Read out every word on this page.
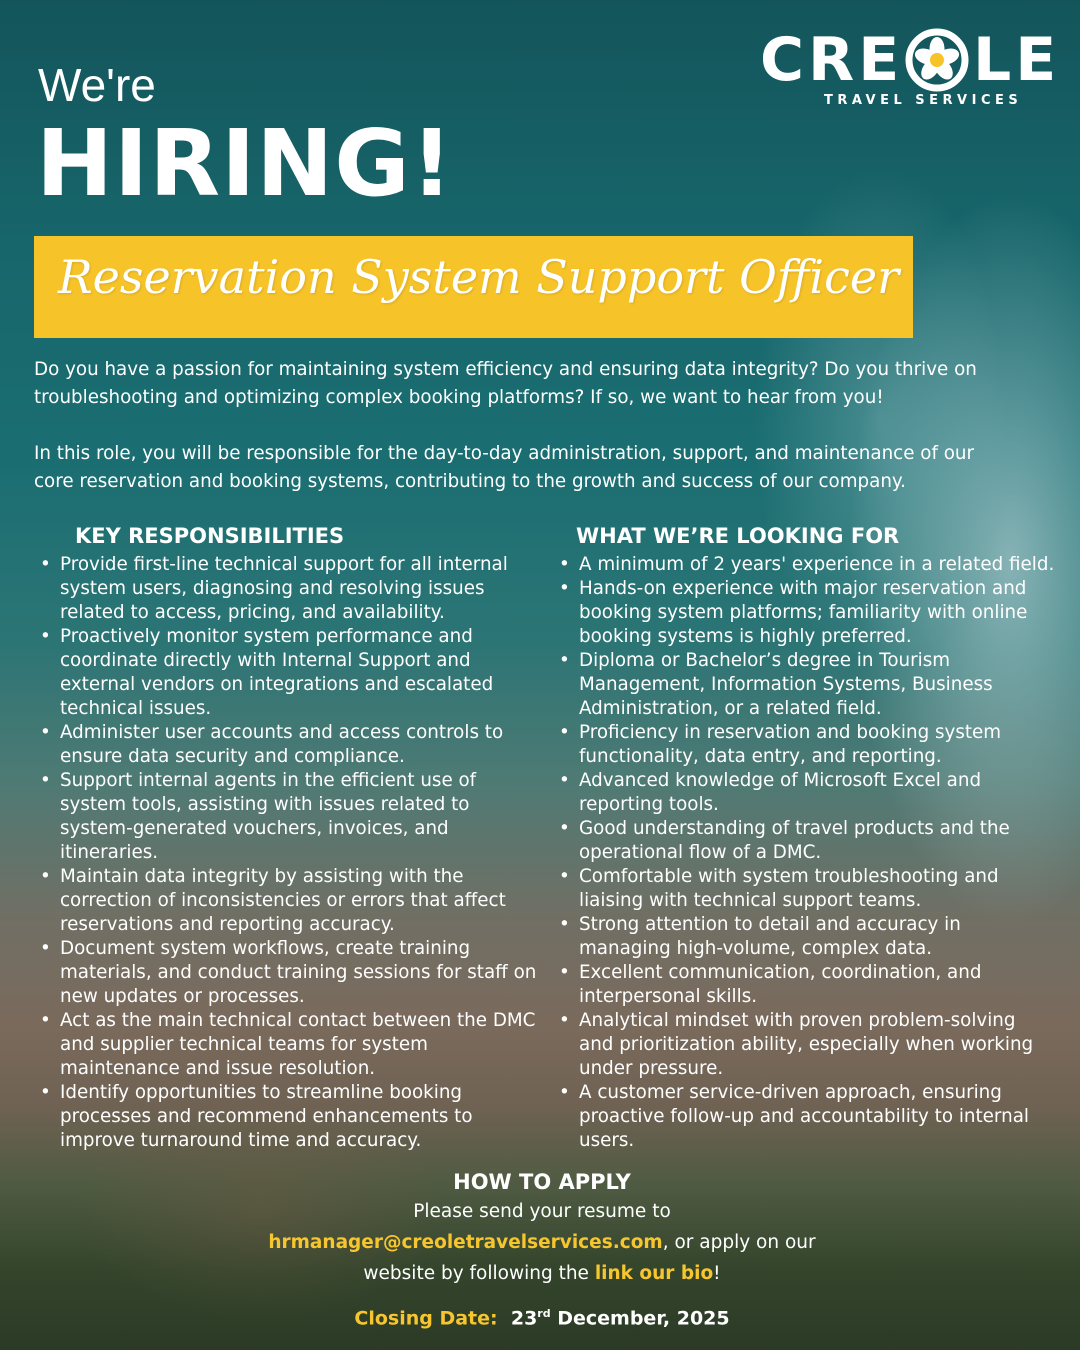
CRE LE
TRAVEL SERVICES
We're
HIRING!
Reservation System Support Officer
Do you have a passion for maintaining system efficiency and ensuring data integrity? Do you thrive on
troubleshooting and optimizing complex booking platforms? If so, we want to hear from you!
In this role, you will be responsible for the day-to-day administration, support, and maintenance of our
core reservation and booking systems, contributing to the growth and success of our company.
KEY RESPONSIBILITIES
• Provide first-line technical support for all internal
system users, diagnosing and resolving issues
related to access, pricing, and availability.
• Proactively monitor system performance and
coordinate directly with Internal Support and
external vendors on integrations and escalated
technical issues.
• Administer user accounts and access controls to
ensure data security and compliance.
• Support internal agents in the efficient use of
system tools, assisting with issues related to
system-generated vouchers, invoices, and
itineraries.
• Maintain data integrity by assisting with the
correction of inconsistencies or errors that affect
reservations and reporting accuracy.
• Document system workflows, create training
materials, and conduct training sessions for staff on
new updates or processes.
• Act as the main technical contact between the DMC
and supplier technical teams for system
maintenance and issue resolution.
• Identify opportunities to streamline booking
processes and recommend enhancements to
improve turnaround time and accuracy.
WHAT WE’RE LOOKING FOR
• A minimum of 2 years' experience in a related field.
• Hands-on experience with major reservation and
booking system platforms; familiarity with online
booking systems is highly preferred.
• Diploma or Bachelor’s degree in Tourism
Management, Information Systems, Business
Administration, or a related field.
• Proficiency in reservation and booking system
functionality, data entry, and reporting.
• Advanced knowledge of Microsoft Excel and
reporting tools.
• Good understanding of travel products and the
operational flow of a DMC.
• Comfortable with system troubleshooting and
liaising with technical support teams.
• Strong attention to detail and accuracy in
managing high-volume, complex data.
• Excellent communication, coordination, and
interpersonal skills.
• Analytical mindset with proven problem-solving
and prioritization ability, especially when working
under pressure.
• A customer service-driven approach, ensuring
proactive follow-up and accountability to internal
users.
HOW TO APPLY
Please send your resume to
hrmanager@creoletravelservices.com, or apply on our
website by following the link our bio!
Closing Date: 23rd December, 2025
